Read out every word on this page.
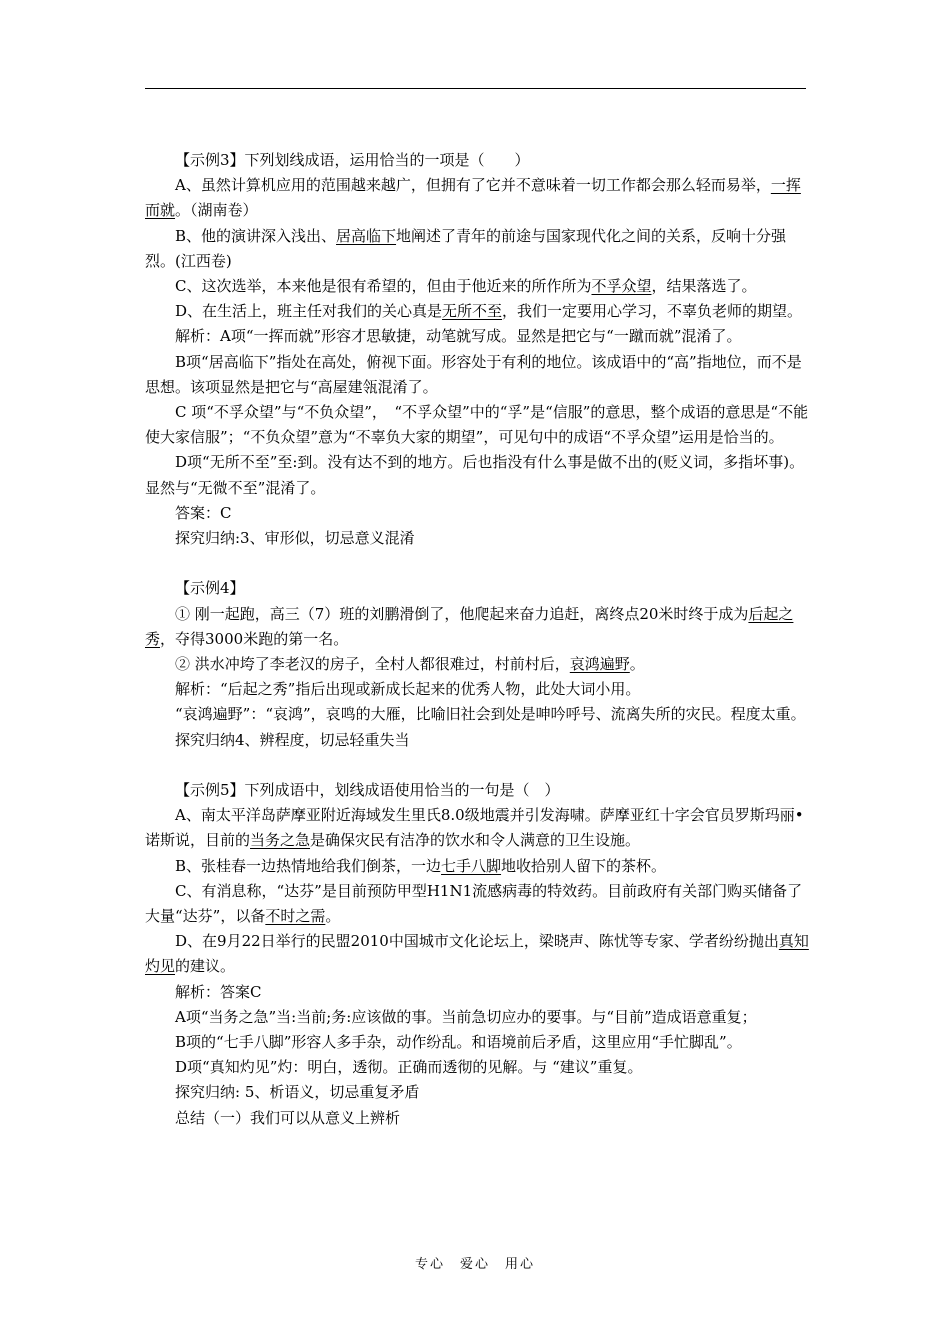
【示例3】下列划线成语，运用恰当的一项是（　　）

A、虽然计算机应用的范围越来越广，但拥有了它并不意味着一切工作都会那么轻而易举，一挥而就。（湖南卷）

B、他的演讲深入浅出、居高临下地阐述了青年的前途与国家现代化之间的关系，反响十分强烈。(江西卷)

C、这次选举，本来他是很有希望的，但由于他近来的所作所为不孚众望，结果落选了。

D、在生活上，班主任对我们的关心真是无所不至，我们一定要用心学习，不辜负老师的期望。

解析：A项“一挥而就”形容才思敏捷，动笔就写成。显然是把它与“一蹴而就”混淆了。

B项“居高临下”指处在高处，俯视下面。形容处于有利的地位。该成语中的“高”指地位，而不是思想。该项显然是把它与“高屋建瓴混淆了。

C 项“不孚众望”与“不负众望”，　“不孚众望”中的“孚”是“信服”的意思，整个成语的意思是“不能使大家信服”；“不负众望”意为“不辜负大家的期望”，可见句中的成语“不孚众望”运用是恰当的。

D项“无所不至”至:到。没有达不到的地方。后也指没有什么事是做不出的(贬义词，多指坏事)。显然与“无微不至”混淆了。

答案：C

探究归纳:3、审形似，切忌意义混淆

【示例4】

① 刚一起跑，高三（7）班的刘鹏滑倒了，他爬起来奋力追赶，离终点20米时终于成为后起之秀，夺得3000米跑的第一名。

② 洪水冲垮了李老汉的房子，全村人都很难过，村前村后，哀鸿遍野。

解析：“后起之秀”指后出现或新成长起来的优秀人物，此处大词小用。

“哀鸿遍野”：“哀鸿”，哀鸣的大雁，比喻旧社会到处是呻吟呼号、流离失所的灾民。程度太重。

探究归纳4、辨程度，切忌轻重失当

【示例5】下列成语中，划线成语使用恰当的一句是（　）

A、南太平洋岛萨摩亚附近海域发生里氏8.0级地震并引发海啸。萨摩亚红十字会官员罗斯玛丽•诺斯说，目前的当务之急是确保灾民有洁净的饮水和令人满意的卫生设施。

B、张桂春一边热情地给我们倒茶，一边七手八脚地收拾别人留下的茶杯。

C、有消息称，“达芬”是目前预防甲型H1N1流感病毒的特效药。目前政府有关部门购买储备了大量“达芬”，以备不时之需。

D、在9月22日举行的民盟2010中国城市文化论坛上，梁晓声、陈忧等专家、学者纷纷抛出真知灼见的建议。

解析：答案C

A项“当务之急”当:当前;务:应该做的事。当前急切应办的要事。与“目前”造成语意重复；

B项的“七手八脚”形容人多手杂，动作纷乱。和语境前后矛盾，这里应用“手忙脚乱”。

D项“真知灼见”灼：明白，透彻。正确而透彻的见解。与 “建议”重复。

探究归纳: 5、析语义，切忌重复矛盾

总结（一）我们可以从意义上辨析

专心　爱心　用心
